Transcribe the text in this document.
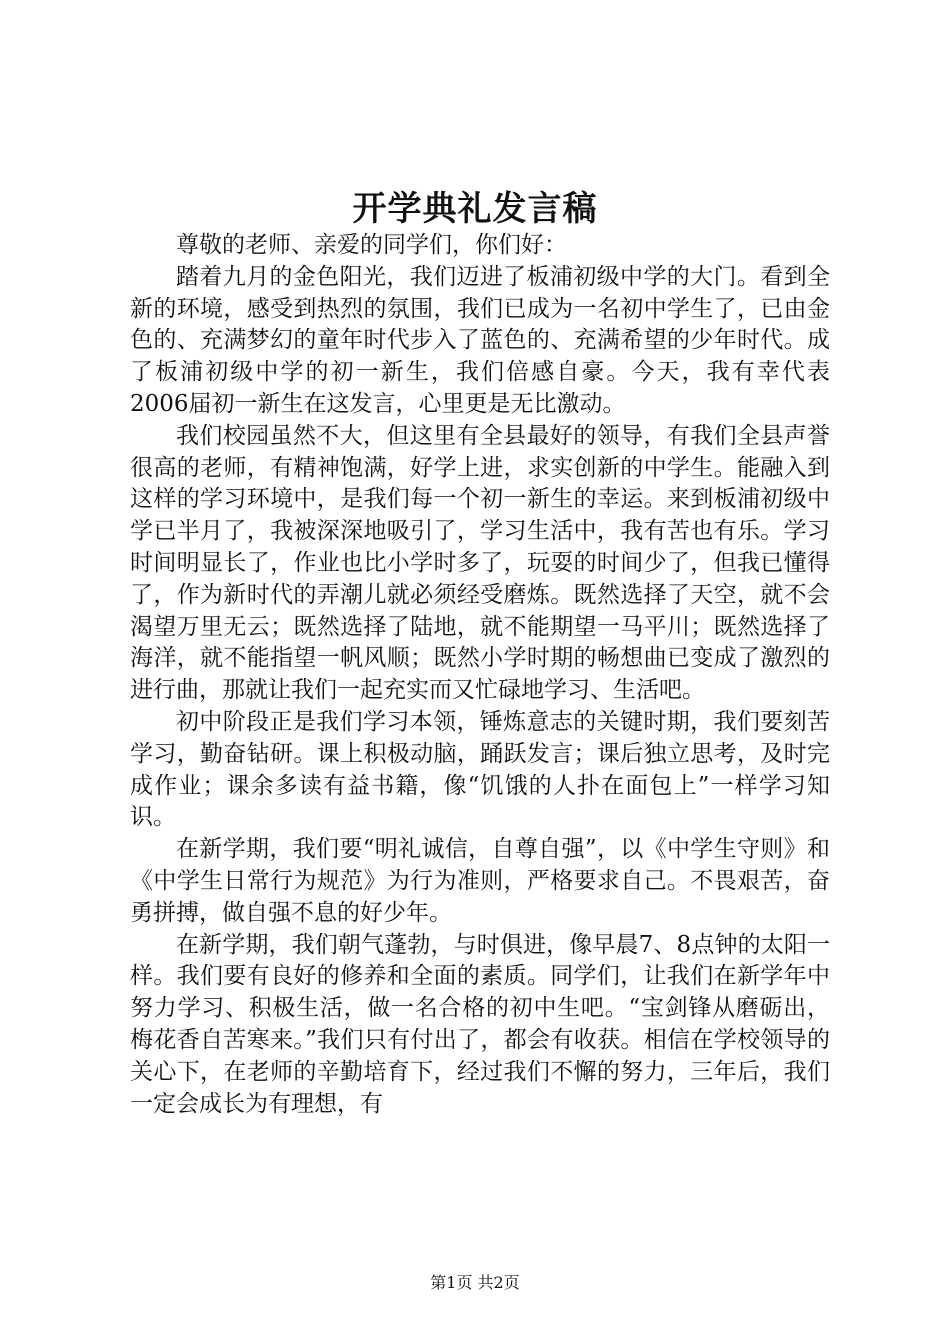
开学典礼发言稿

尊敬的老师、亲爱的同学们，你们好：

踏着九月的金色阳光，我们迈进了板浦初级中学的大门。看到全新的环境，感受到热烈的氛围，我们已成为一名初中学生了，已由金色的、充满梦幻的童年时代步入了蓝色的、充满希望的少年时代。成了板浦初级中学的初一新生，我们倍感自豪。今天，我有幸代表2006届初一新生在这发言，心里更是无比激动。

我们校园虽然不大，但这里有全县最好的领导，有我们全县声誉很高的老师，有精神饱满，好学上进，求实创新的中学生。能融入到这样的学习环境中，是我们每一个初一新生的幸运。来到板浦初级中学已半月了，我被深深地吸引了，学习生活中，我有苦也有乐。学习时间明显长了，作业也比小学时多了，玩耍的时间少了，但我已懂得了，作为新时代的弄潮儿就必须经受磨炼。既然选择了天空，就不会渴望万里无云；既然选择了陆地，就不能期望一马平川；既然选择了海洋，就不能指望一帆风顺；既然小学时期的畅想曲已变成了激烈的进行曲，那就让我们一起充实而又忙碌地学习、生活吧。

初中阶段正是我们学习本领，锤炼意志的关键时期，我们要刻苦学习，勤奋钻研。课上积极动脑，踊跃发言；课后独立思考，及时完成作业；课余多读有益书籍，像“饥饿的人扑在面包上”一样学习知识。

在新学期，我们要“明礼诚信，自尊自强”，以《中学生守则》和《中学生日常行为规范》为行为准则，严格要求自己。不畏艰苦，奋勇拼搏，做自强不息的好少年。

在新学期，我们朝气蓬勃，与时俱进，像早晨7、8点钟的太阳一样。我们要有良好的修养和全面的素质。同学们，让我们在新学年中努力学习、积极生活，做一名合格的初中生吧。“宝剑锋从磨砺出，梅花香自苦寒来。”我们只有付出了，都会有收获。相信在学校领导的关心下，在老师的辛勤培育下，经过我们不懈的努力，三年后，我们一定会成长为有理想，有

第1页 共2页
